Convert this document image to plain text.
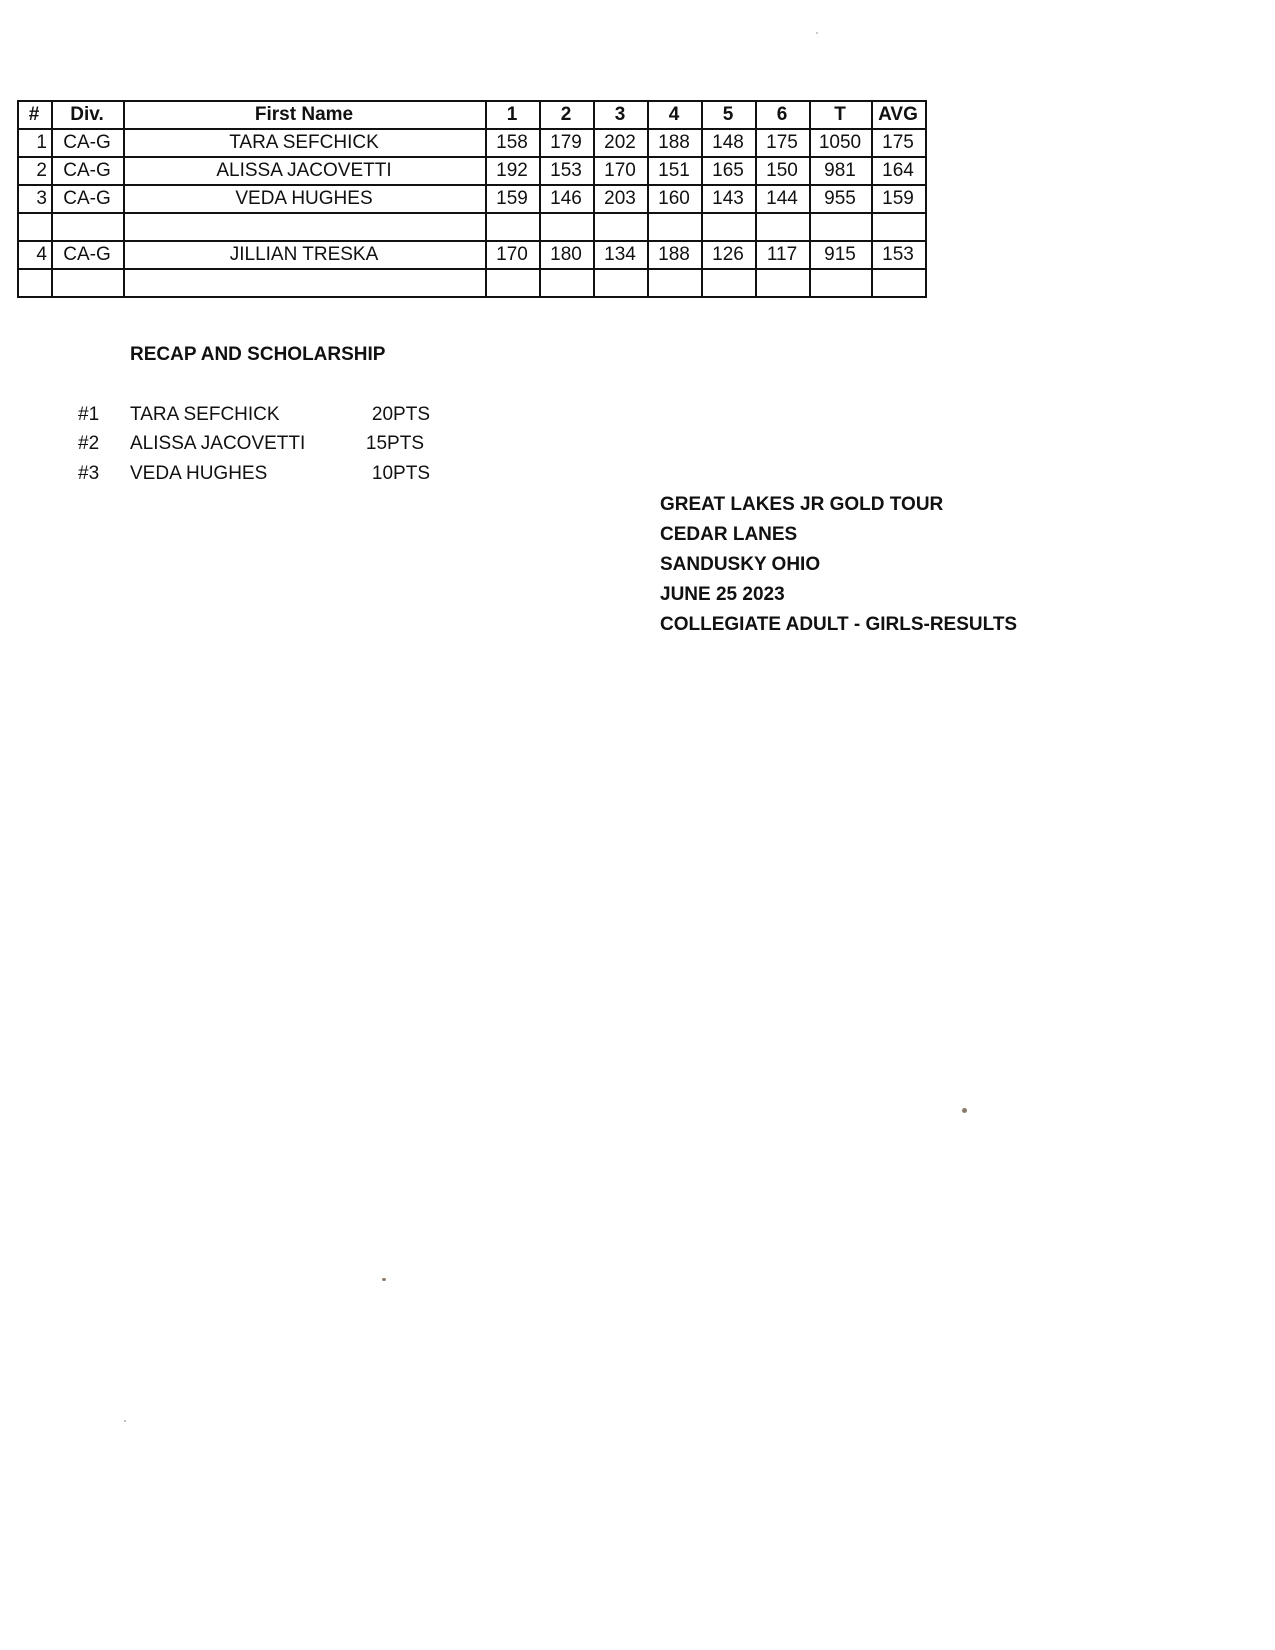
#	Div.	First Name	1	2	3	4	5	6	T	AVG
1	CA-G	TARA SEFCHICK	158	179	202	188	148	175	1050	175
2	CA-G	ALISSA JACOVETTI	192	153	170	151	165	150	981	164
3	CA-G	VEDA HUGHES	159	146	203	160	143	144	955	159

4	CA-G	JILLIAN TRESKA	170	180	134	188	126	117	915	153

RECAP AND SCHOLARSHIP
#1 TARA SEFCHICK	20PTS
#2 ALISSA JACOVETTI	15PTS
#3 VEDA HUGHES	10PTS
GREAT LAKES JR GOLD TOUR
CEDAR LANES
SANDUSKY OHIO
JUNE 25 2023
COLLEGIATE ADULT - GIRLS-RESULTS
